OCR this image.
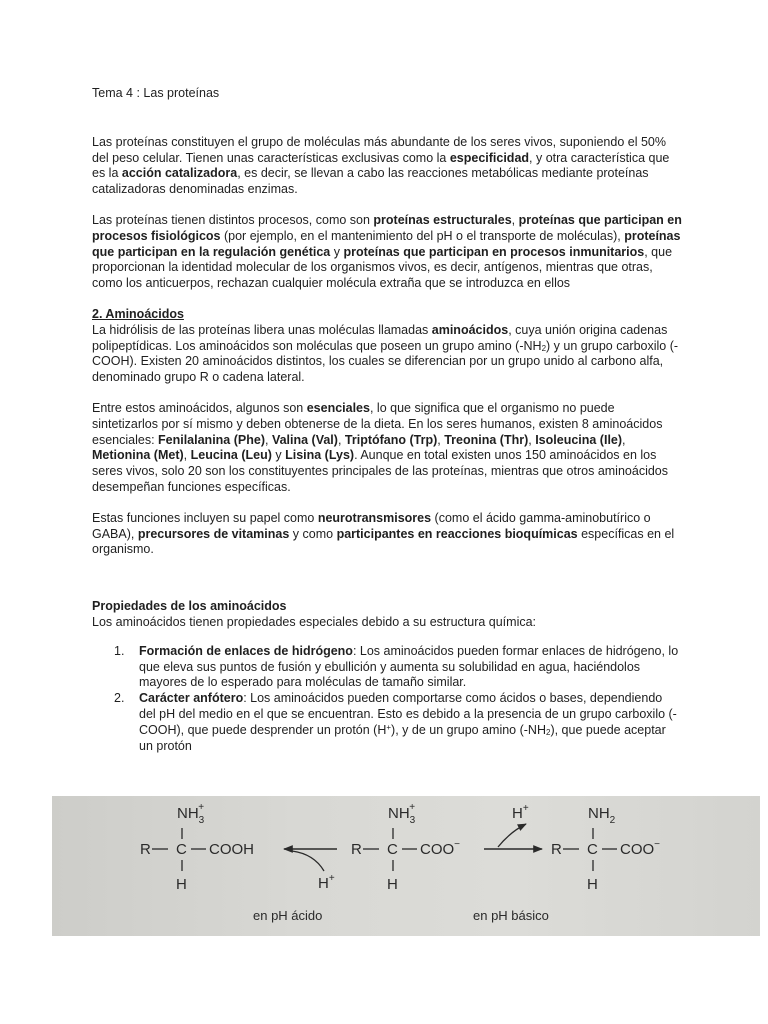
Tema 4 : Las proteínas

Las proteínas constituyen el grupo de moléculas más abundante de los seres vivos, suponiendo el 50% del peso celular. Tienen unas características exclusivas como la especificidad, y otra característica que es la acción catalizadora, es decir, se llevan a cabo las reacciones metabólicas mediante proteínas catalizadoras denominadas enzimas.

Las proteínas tienen distintos procesos, como son proteínas estructurales, proteínas que participan en procesos fisiológicos (por ejemplo, en el mantenimiento del pH o el transporte de moléculas), proteínas que participan en la regulación genética y proteínas que participan en procesos inmunitarios, que proporcionan la identidad molecular de los organismos vivos, es decir, antígenos, mientras que otras, como los anticuerpos, rechazan cualquier molécula extraña que se introduzca en ellos

2. Aminoácidos

La hidrólisis de las proteínas libera unas moléculas llamadas aminoácidos, cuya unión origina cadenas polipeptídicas. Los aminoácidos son moléculas que poseen un grupo amino $(-NH_2)$ y un grupo carboxilo (-COOH). Existen 20 aminoácidos distintos, los cuales se diferencian por un grupo unido al carbono alfa, denominado grupo R o cadena lateral.

Entre estos aminoácidos, algunos son esenciales, lo que significa que el organismo no puede sintetizarlos por sí mismo y deben obtenerse de la dieta. En los seres humanos, existen 8 aminoácidos esenciales: Fenilalanina (Phe), Valina (Val), Triptófano (Trp), Treonina (Thr), Isoleucina (Ile), Metionina (Met), Leucina (Leu) y Lisina (Lys). Aunque en total existen unos 150 aminoácidos en los seres vivos, solo 20 son los constituyentes principales de las proteínas, mientras que otros aminoácidos desempeñan funciones específicas.

Estas funciones incluyen su papel como neurotransmisores (como el ácido gamma-aminobutírico o GABA), precursores de vitaminas y como participantes en reacciones bioquímicas específicas en el organismo.

Propiedades de los aminoácidos

Los aminoácidos tienen propiedades especiales debido a su estructura química:

1. Formación de enlaces de hidrógeno: Los aminoácidos pueden formar enlaces de hidrógeno, lo que eleva sus puntos de fusión y ebullición y aumenta su solubilidad en agua, haciéndolos mayores de lo esperado para moléculas de tamaño similar.
2. Carácter anfótero: Los aminoácidos pueden comportarse como ácidos o bases, dependiendo del pH del medio en el que se encuentran. Esto es debido a la presencia de un grupo carboxilo (-COOH), que puede desprender un protón (H+), y de un grupo amino $(-NH_2)$, que puede aceptar un protón
$NH_3+$
R C COOH
H	H+
$NH_3+$
R C COO−
H
H+	$NH_2$
R C COO−
H
en pH ácido	en pH básico
